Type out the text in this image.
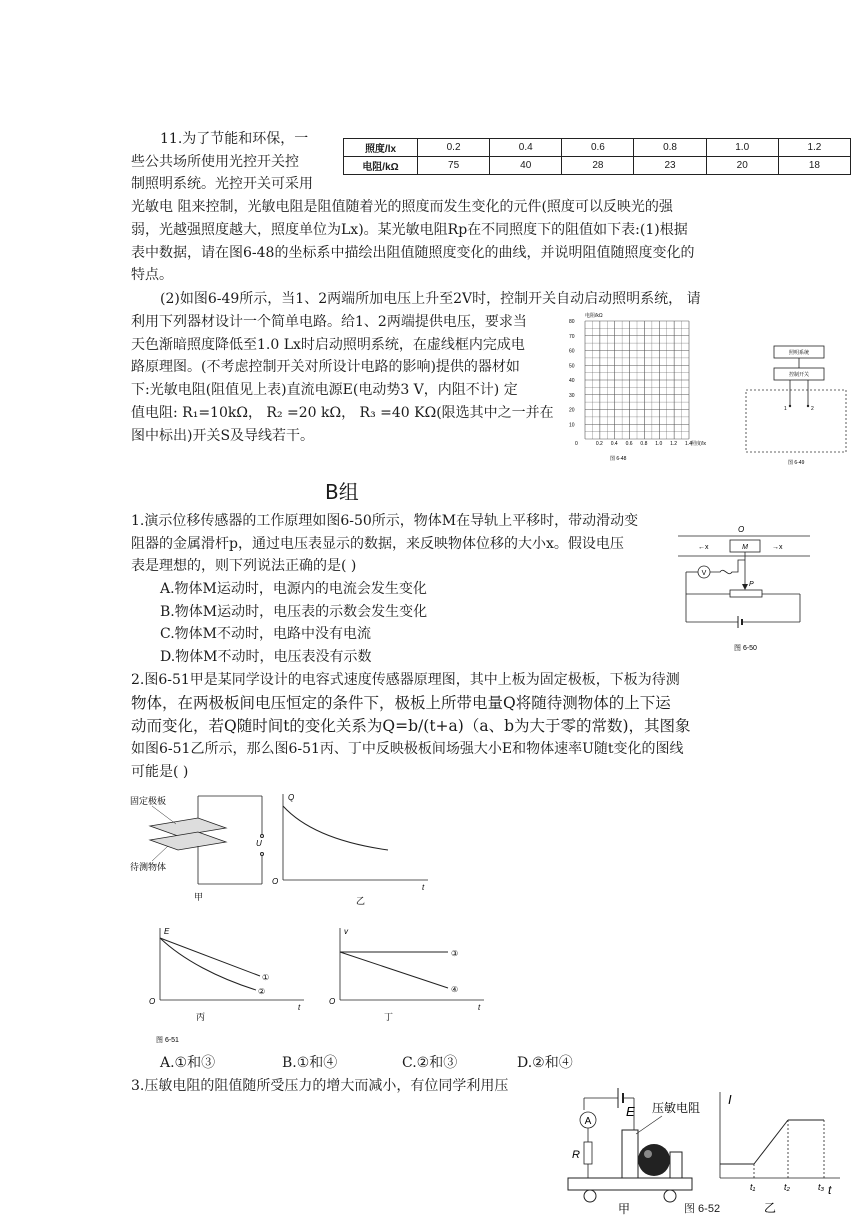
11.为了节能和环保，一
些公共场所使用光控开关控
制照明系统。光控开关可采用
光敏电 阻来控制，光敏电阻是阻值随着光的照度而发生变化的元件(照度可以反映光的强
弱，光越强照度越大，照度单位为Lx)。某光敏电阻Rp在不同照度下的阻值如下表:(1)根据
表中数据，请在图6-48的坐标系中描绘出阻值随照度变化的曲线，并说明阻值随照度变化的
特点。
(2)如图6-49所示，当1、2两端所加电压上升至2V时，控制开关自动启动照明系统， 请
利用下列器材设计一个简单电路。给1、2两端提供电压，要求当
天色渐暗照度降低至1.0 Lx时启动照明系统，在虚线框内完成电
路原理图。(不考虑控制开关对所设计电路的影响)提供的器材如
下:光敏电阻(阻值见上表)直流电源E(电动势3 V，内阻不计) 定
值电阻: R₁=10kΩ， R₂ =20 kΩ， R₃ =40 KΩ(限选其中之一并在
图中标出)开关S及导线若干。
照度/lx	0.2	0.4	0.6	0.8	1.0	1.2
电阻/kΩ	75	40	28	23	20	18
电阻/kΩ
照度/lx
0
10
20
30
40
50
60
70
80
0.2 0.4 0.6 0.8 1.0 1.2 1.4
图 6-48
照明系统
控制开关
1	2
图 6-49
B组
1.演示位移传感器的工作原理如图6-50所示，物体M在导轨上平移时，带动滑动变
阻器的金属滑杆p，通过电压表显示的数据，来反映物体位移的大小x。假设电压
表是理想的，则下列说法正确的是( )
A.物体M运动时，电源内的电流会发生变化
B.物体M运动时，电压表的示数会发生变化
C.物体M不动时，电路中没有电流
D.物体M不动时，电压表没有示数
O
M
←x	→x
V
P
图 6-50
2.图6-51甲是某同学设计的电容式速度传感器原理图，其中上板为固定极板，下板为待测
物体，在两极板间电压恒定的条件下，极板上所带电量Q将随待测物体的上下运
动而变化，若Q随时间t的变化关系为Q=b/(t+a)（a、b为大于零的常数)，其图象
如图6-51乙所示，那么图6-51丙、丁中反映极板间场强大小E和物体速率U随t变化的图线
可能是( )
固定极板
U
待测物体
甲
Q
O
t
乙
E
O
t
①
②
丙
v
O
t
③
④
丁
图 6-51
A.①和③	B.①和④	C.②和③	D.②和④
3.压敏电阻的阻值随所受压力的增大而减小，有位同学利用压
E
A
R
压敏电阻
甲
I
t
t₁	t₂	t₃
乙
图 6-52
